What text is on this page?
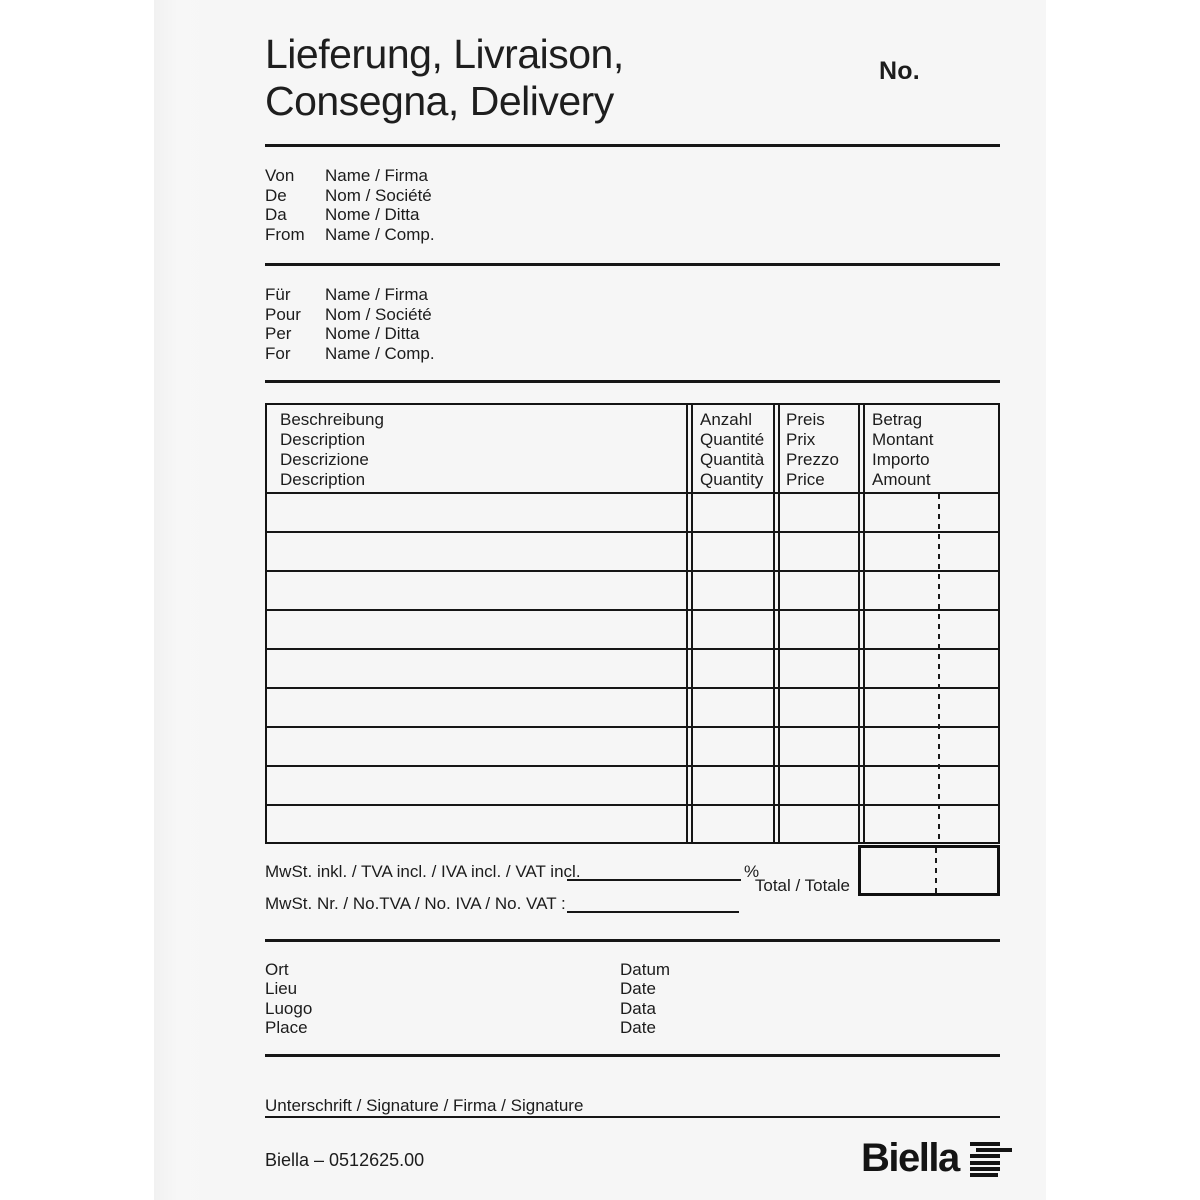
Lieferung, Livraison,
Consegna, Delivery
No.
Von Name / Firma
De Nom / Société
Da Nome / Ditta
From Name / Comp.
Für Name / Firma
Pour Nom / Société
Per Nome / Ditta
For Name / Comp.
Beschreibung
Description
Descrizione
Description
Anzahl
Quantité
Quantità
Quantity
Preis
Prix
Prezzo
Price
Betrag
Montant
Importo
Amount
Total / Totale
MwSt. inkl. / TVA incl. / IVA incl. / VAT incl.	%
MwSt. Nr. / No.TVA / No. IVA / No. VAT :
Ort
Lieu
Luogo
Place
Datum
Date
Data
Date
Unterschrift / Signature / Firma / Signature
Biella – 0512625.00	Biella
